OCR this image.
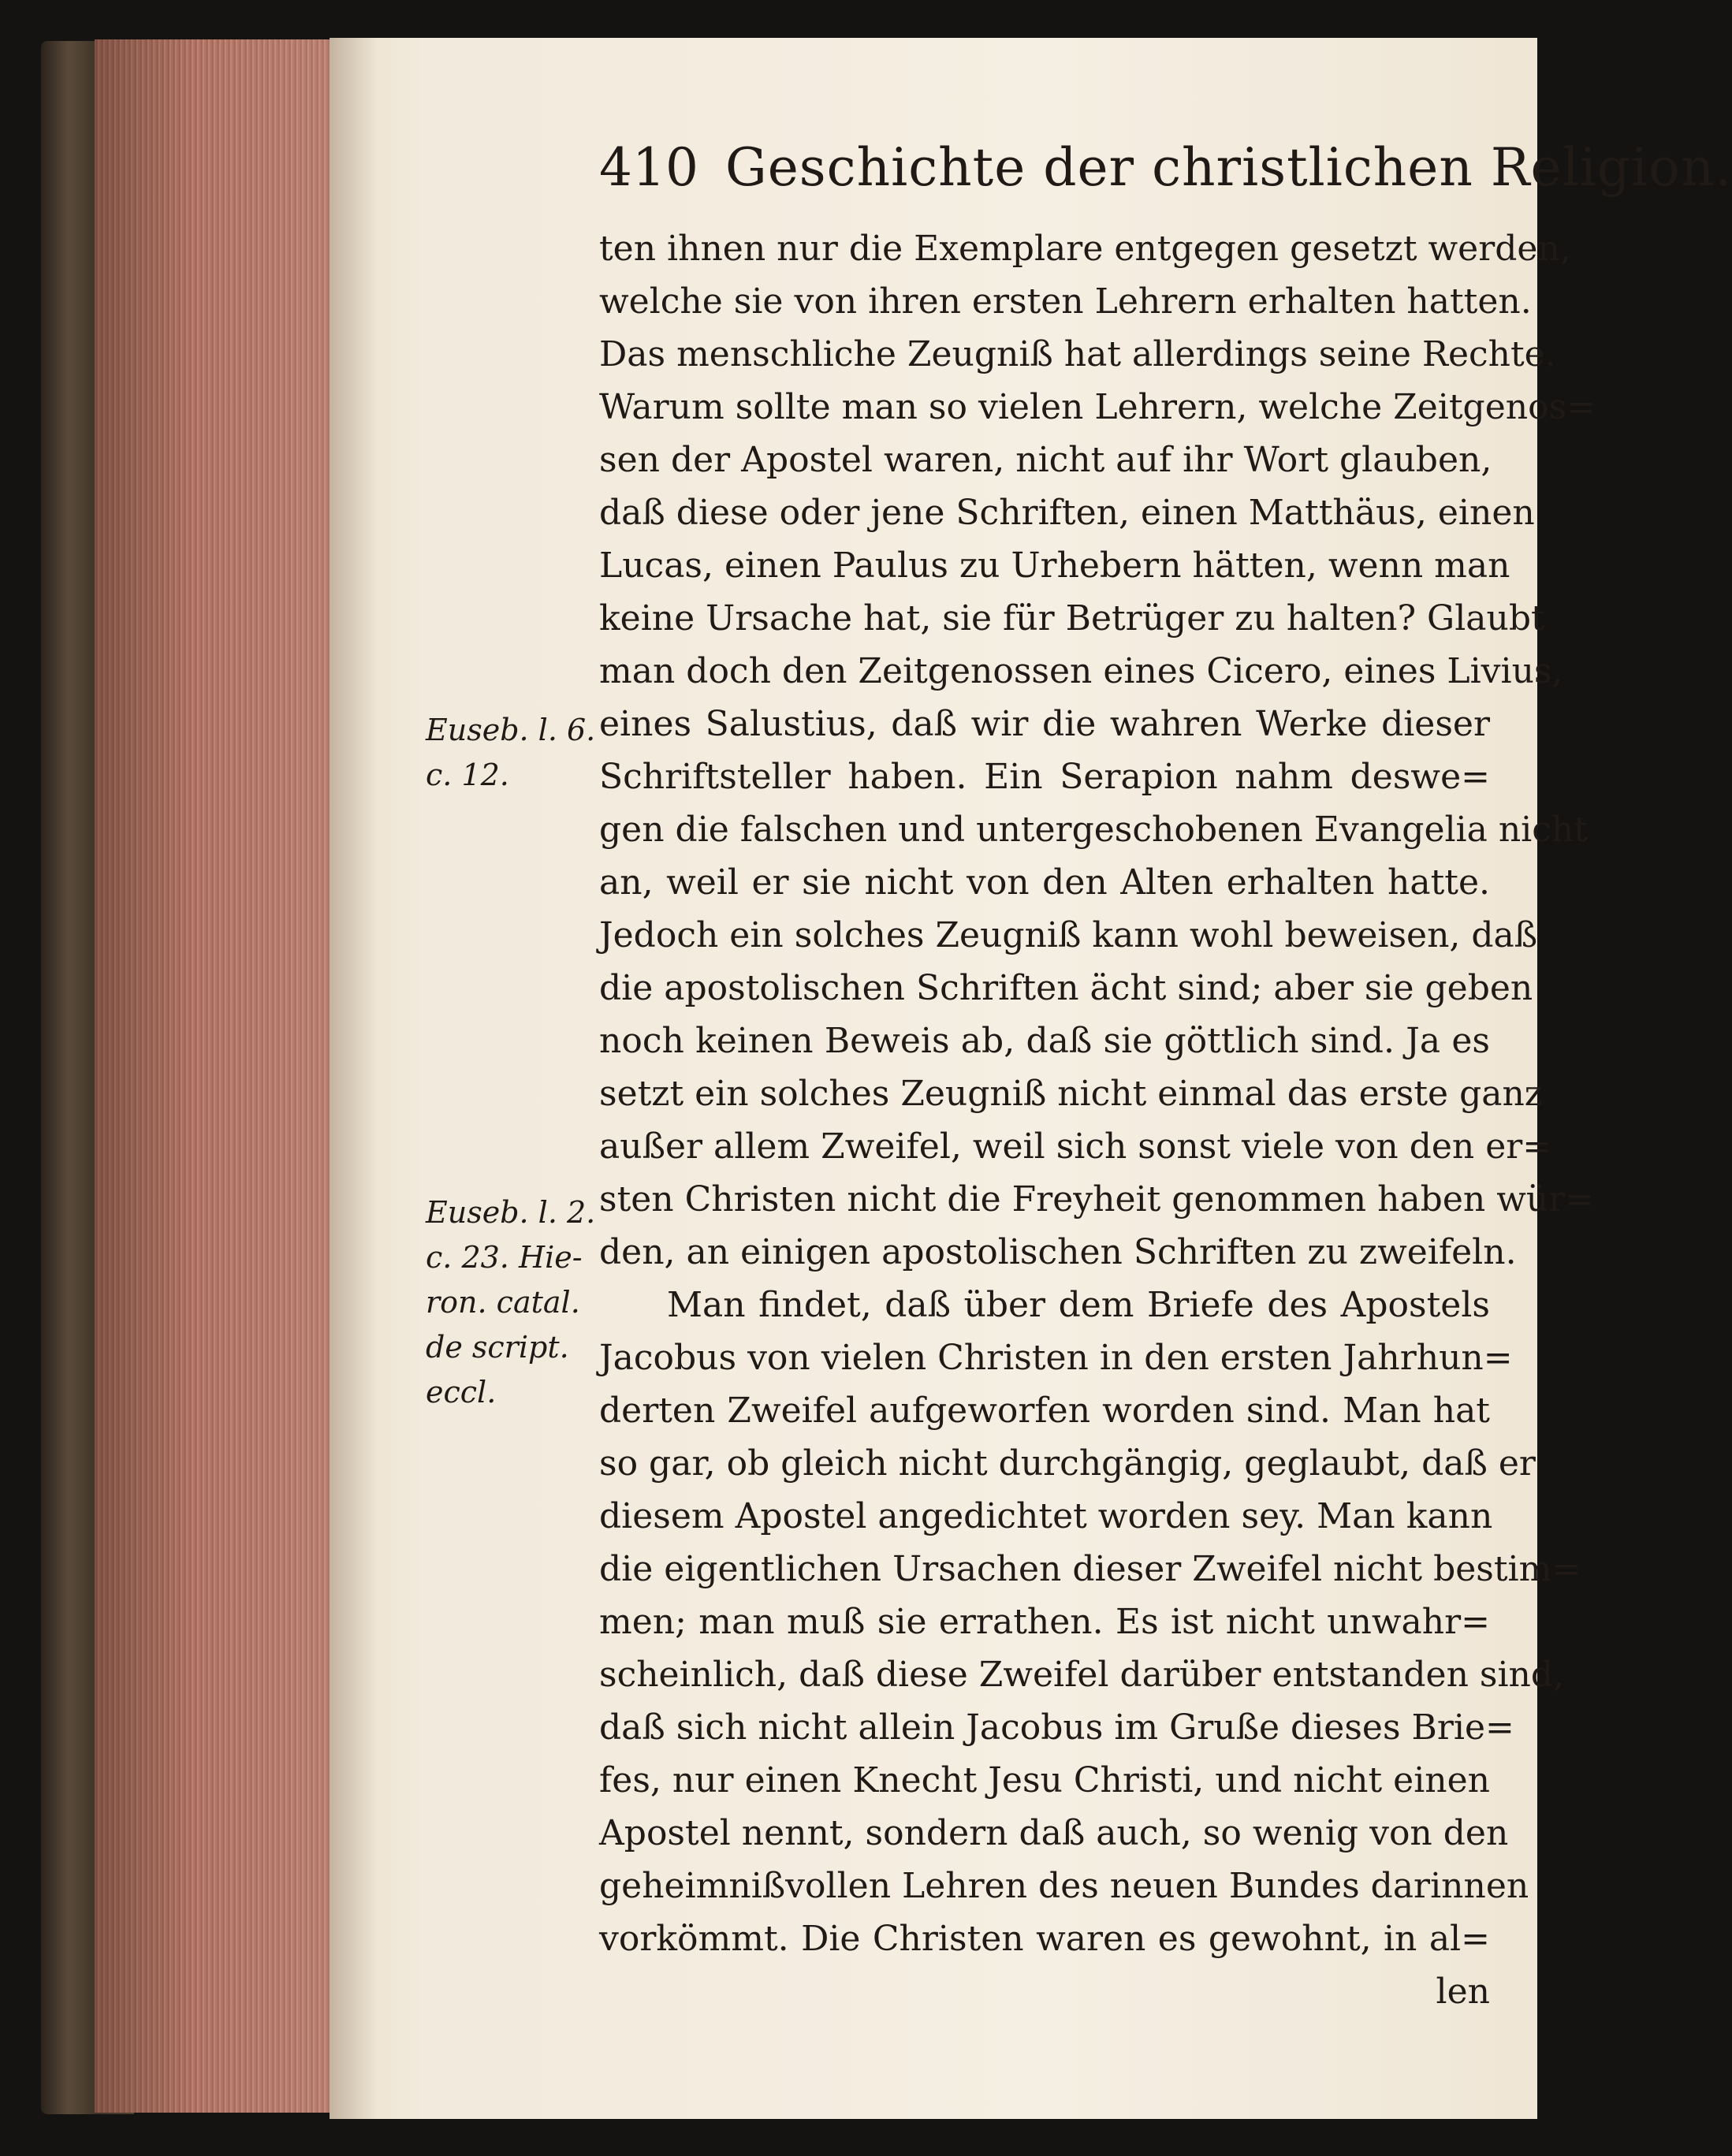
410 Geschichte der christlichen Religion.
ten ihnen nur die Exemplare entgegen gesetzt werden,
welche sie von ihren ersten Lehrern erhalten hatten.
Das menschliche Zeugniß hat allerdings seine Rechte.
Warum sollte man so vielen Lehrern, welche Zeitgenos=
sen der Apostel waren, nicht auf ihr Wort glauben,
daß diese oder jene Schriften, einen Matthäus, einen
Lucas, einen Paulus zu Urhebern hätten, wenn man
keine Ursache hat, sie für Betrüger zu halten? Glaubt
man doch den Zeitgenossen eines Cicero, eines Livius,
eines Salustius, daß wir die wahren Werke dieser
Schriftsteller haben. Ein Serapion nahm deswe=
gen die falschen und untergeschobenen Evangelia nicht
an, weil er sie nicht von den Alten erhalten hatte.
Jedoch ein solches Zeugniß kann wohl beweisen, daß
die apostolischen Schriften ächt sind; aber sie geben
noch keinen Beweis ab, daß sie göttlich sind. Ja es
setzt ein solches Zeugniß nicht einmal das erste ganz
außer allem Zweifel, weil sich sonst viele von den er=
sten Christen nicht die Freyheit genommen haben wür=
den, an einigen apostolischen Schriften zu zweifeln.
Man findet, daß über dem Briefe des Apostels
Jacobus von vielen Christen in den ersten Jahrhun=
derten Zweifel aufgeworfen worden sind. Man hat
so gar, ob gleich nicht durchgängig, geglaubt, daß er
diesem Apostel angedichtet worden sey. Man kann
die eigentlichen Ursachen dieser Zweifel nicht bestim=
men; man muß sie errathen. Es ist nicht unwahr=
scheinlich, daß diese Zweifel darüber entstanden sind,
daß sich nicht allein Jacobus im Gruße dieses Brie=
fes, nur einen Knecht Jesu Christi, und nicht einen
Apostel nennt, sondern daß auch, so wenig von den
geheimnißvollen Lehren des neuen Bundes darinnen
vorkömmt. Die Christen waren es gewohnt, in al=
len
Euseb. l. 6.
c. 12.
Euseb. l. 2.
c. 23. Hie-
ron. catal.
de script.
eccl.
